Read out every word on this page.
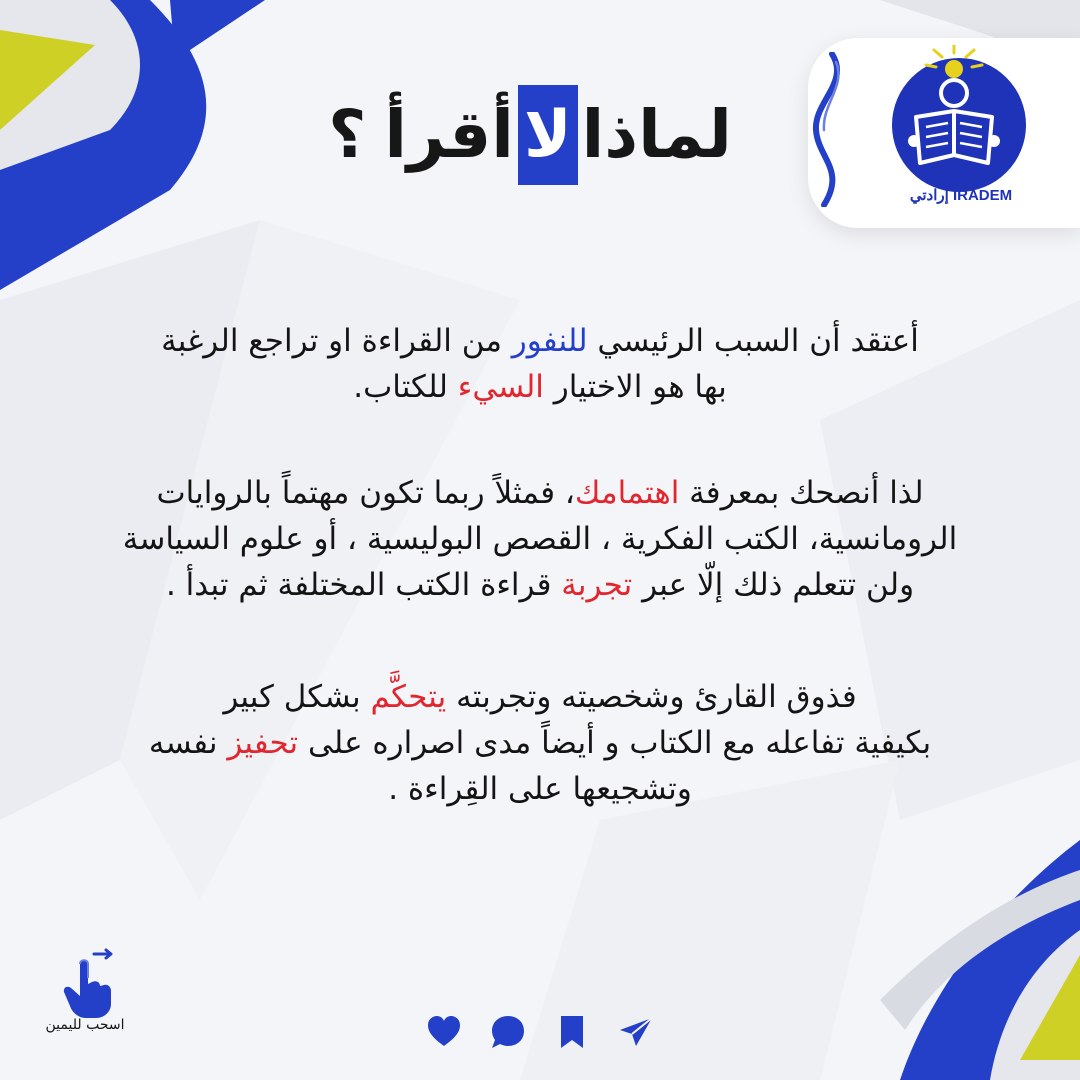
إرادتي IRADEM
لماذا
لا
أقرأ
؟
أعتقد أن السبب الرئيسي للنفور من القراءة او تراجع الرغبة
بها هو الاختيار السيء للكتاب.
لذا أنصحك بمعرفة اهتمامك، فمثلاً ربما تكون مهتماً بالروايات
الرومانسية، الكتب الفكرية ، القصص البوليسية ، أو علوم السياسة
ولن تتعلم ذلك إلّا عبر تجربة قراءة الكتب المختلفة ثم تبدأ .
فذوق القارئ وشخصيته وتجربته يتحكَّم بشكل كبير
بكيفية تفاعله مع الكتاب و أيضاً مدى اصراره على تحفيز نفسه
وتشجيعها على القِراءة .
اسحب لليمين
